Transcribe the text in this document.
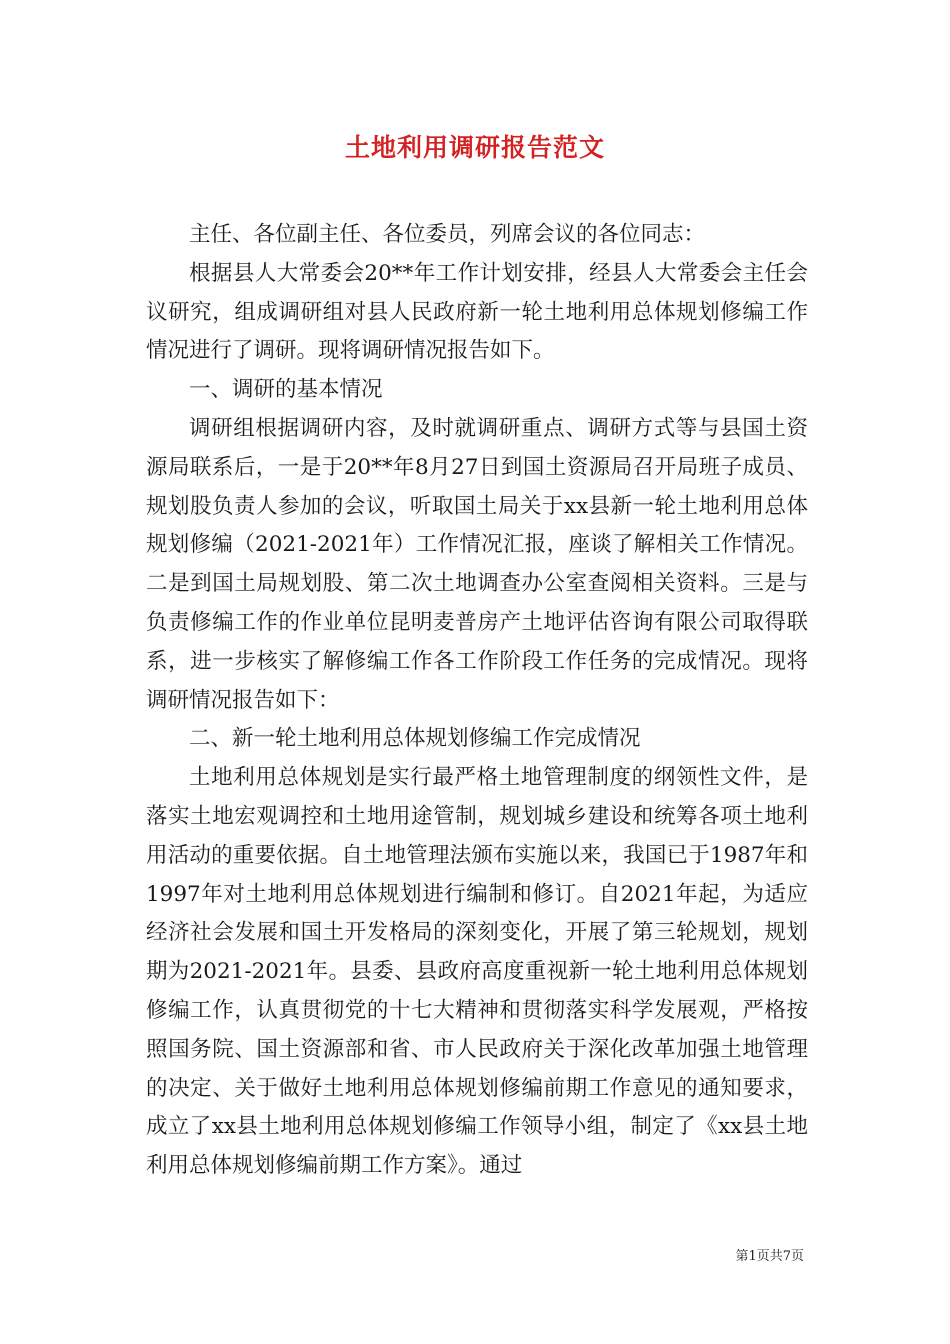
土地利用调研报告范文

主任、各位副主任、各位委员，列席会议的各位同志：

根据县人大常委会20**年工作计划安排，经县人大常委会主任会议研究，组成调研组对县人民政府新一轮土地利用总体规划修编工作情况进行了调研。现将调研情况报告如下。

一、调研的基本情况

调研组根据调研内容，及时就调研重点、调研方式等与县国土资源局联系后，一是于20**年8月27日到国土资源局召开局班子成员、规划股负责人参加的会议，听取国土局关于xx县新一轮土地利用总体规划修编（2021-2021年）工作情况汇报，座谈了解相关工作情况。二是到国土局规划股、第二次土地调查办公室查阅相关资料。三是与负责修编工作的作业单位昆明麦普房产土地评估咨询有限公司取得联系，进一步核实了解修编工作各工作阶段工作任务的完成情况。现将调研情况报告如下：

二、新一轮土地利用总体规划修编工作完成情况

土地利用总体规划是实行最严格土地管理制度的纲领性文件，是落实土地宏观调控和土地用途管制，规划城乡建设和统筹各项土地利用活动的重要依据。自土地管理法颁布实施以来，我国已于1987年和1997年对土地利用总体规划进行编制和修订。自2021年起，为适应经济社会发展和国土开发格局的深刻变化，开展了第三轮规划，规划期为2021-2021年。县委、县政府高度重视新一轮土地利用总体规划修编工作，认真贯彻党的十七大精神和贯彻落实科学发展观，严格按照国务院、国土资源部和省、市人民政府关于深化改革加强土地管理的决定、关于做好土地利用总体规划修编前期工作意见的通知要求，成立了xx县土地利用总体规划修编工作领导小组，制定了《xx县土地利用总体规划修编前期工作方案》。通过

第1页共7页
